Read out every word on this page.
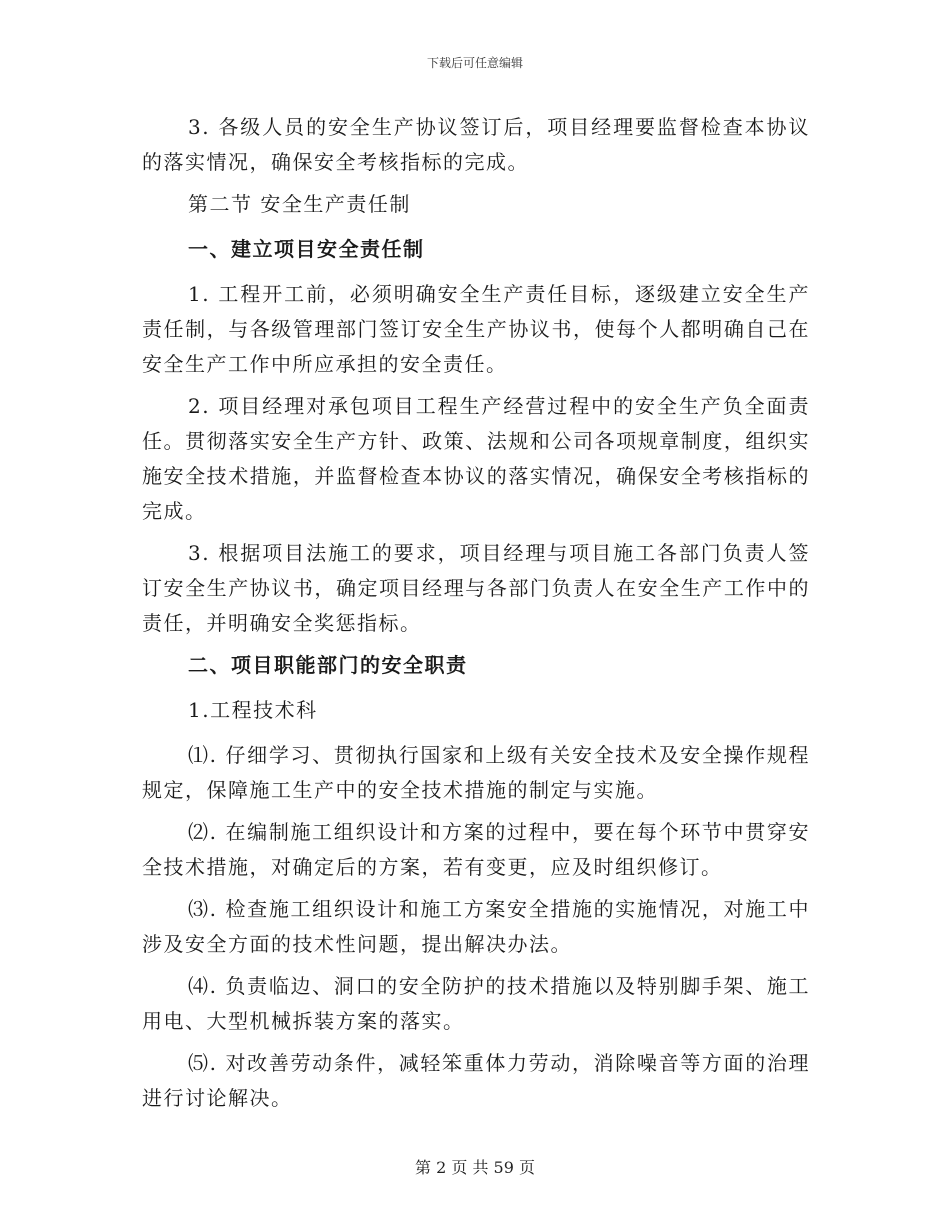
下载后可任意编辑

3. 各级人员的安全生产协议签订后，项目经理要监督检查本协议的落实情况，确保安全考核指标的完成。

第二节 安全生产责任制

一、建立项目安全责任制

1. 工程开工前，必须明确安全生产责任目标，逐级建立安全生产责任制，与各级管理部门签订安全生产协议书，使每个人都明确自己在安全生产工作中所应承担的安全责任。

2. 项目经理对承包项目工程生产经营过程中的安全生产负全面责任。贯彻落实安全生产方针、政策、法规和公司各项规章制度，组织实施安全技术措施，并监督检查本协议的落实情况，确保安全考核指标的完成。

3. 根据项目法施工的要求，项目经理与项目施工各部门负责人签订安全生产协议书，确定项目经理与各部门负责人在安全生产工作中的责任，并明确安全奖惩指标。

二、项目职能部门的安全职责

1.工程技术科

⑴. 仔细学习、贯彻执行国家和上级有关安全技术及安全操作规程规定，保障施工生产中的安全技术措施的制定与实施。

⑵. 在编制施工组织设计和方案的过程中，要在每个环节中贯穿安全技术措施，对确定后的方案，若有变更，应及时组织修订。

⑶. 检查施工组织设计和施工方案安全措施的实施情况，对施工中涉及安全方面的技术性问题，提出解决办法。

⑷. 负责临边、洞口的安全防护的技术措施以及特别脚手架、施工用电、大型机械拆装方案的落实。

⑸. 对改善劳动条件，减轻笨重体力劳动，消除噪音等方面的治理进行讨论解决。

第 2 页 共 59 页
